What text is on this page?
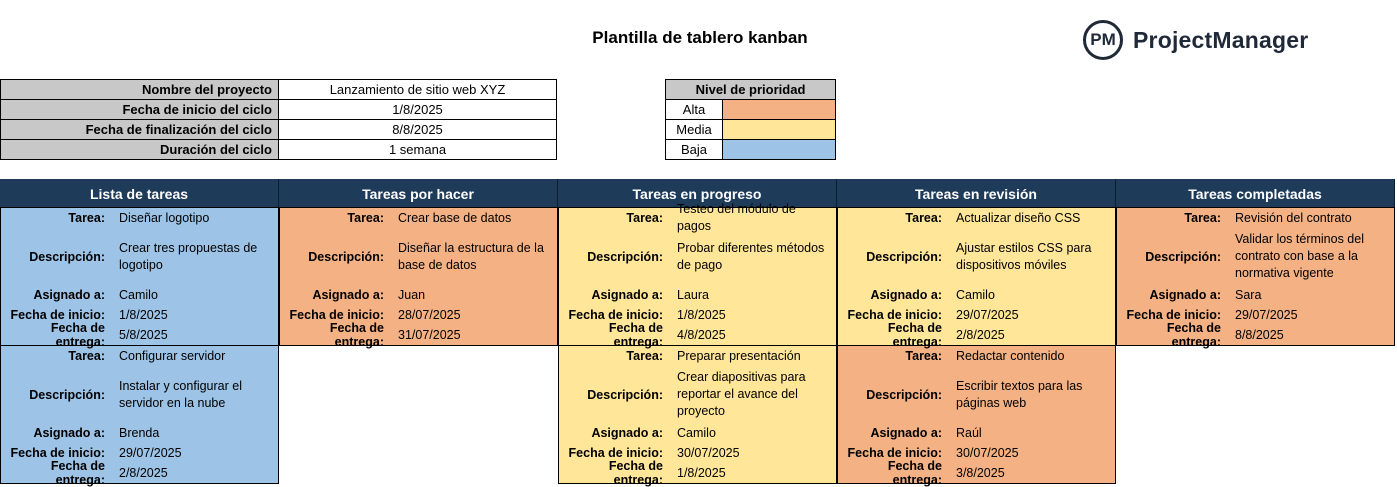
Plantilla de tablero kanban	PM ProjectManager
Nombre del proyecto	Lanzamiento de sitio web XYZ
Fecha de inicio del ciclo	1/8/2025
Fecha de finalización del ciclo	8/8/2025
Duración del ciclo	1 semana
Nivel de prioridad	
Alta	
Media	
Baja	
Lista de tareas	Tareas por hacer	Tareas en progreso	Tareas en revisión	Tareas completadas
Tarea:	Diseñar logotipo
Descripción:
Crear tres propuestas de logotipo
Asignado a:	Camilo
Fecha de inicio:	1/8/2025
Fecha de entrega:
5/8/2025
Tarea:	Configurar servidor
Descripción:
Instalar y configurar el servidor en la nube
Asignado a:	Brenda
Fecha de inicio:	29/07/2025
Fecha de entrega:
2/8/2025
Tarea:	Crear base de datos
Descripción:
Diseñar la estructura de la base de datos
Asignado a:	Juan
Fecha de inicio:	28/07/2025
Fecha de entrega:
31/07/2025
Tarea:
Testeo del módulo de pagos
Descripción:
Probar diferentes métodos de pago
Asignado a:	Laura
Fecha de inicio:	1/8/2025
Fecha de entrega:
4/8/2025
Tarea:	Preparar presentación
Descripción:
Crear diapositivas para reportar el avance del proyecto
Asignado a:	Camilo
Fecha de inicio:	30/07/2025
Fecha de entrega:
1/8/2025
Tarea:	Actualizar diseño CSS
Descripción:
Ajustar estilos CSS para dispositivos móviles
Asignado a:	Camilo
Fecha de inicio:	29/07/2025
Fecha de entrega:
2/8/2025
Tarea:	Redactar contenido
Descripción:
Escribir textos para las páginas web
Asignado a:	Raúl
Fecha de inicio:	30/07/2025
Fecha de entrega:
3/8/2025
Tarea:	Revisión del contrato
Descripción:
Validar los términos del contrato con base a la normativa vigente
Asignado a:	Sara
Fecha de inicio:	29/07/2025
Fecha de entrega:
8/8/2025
